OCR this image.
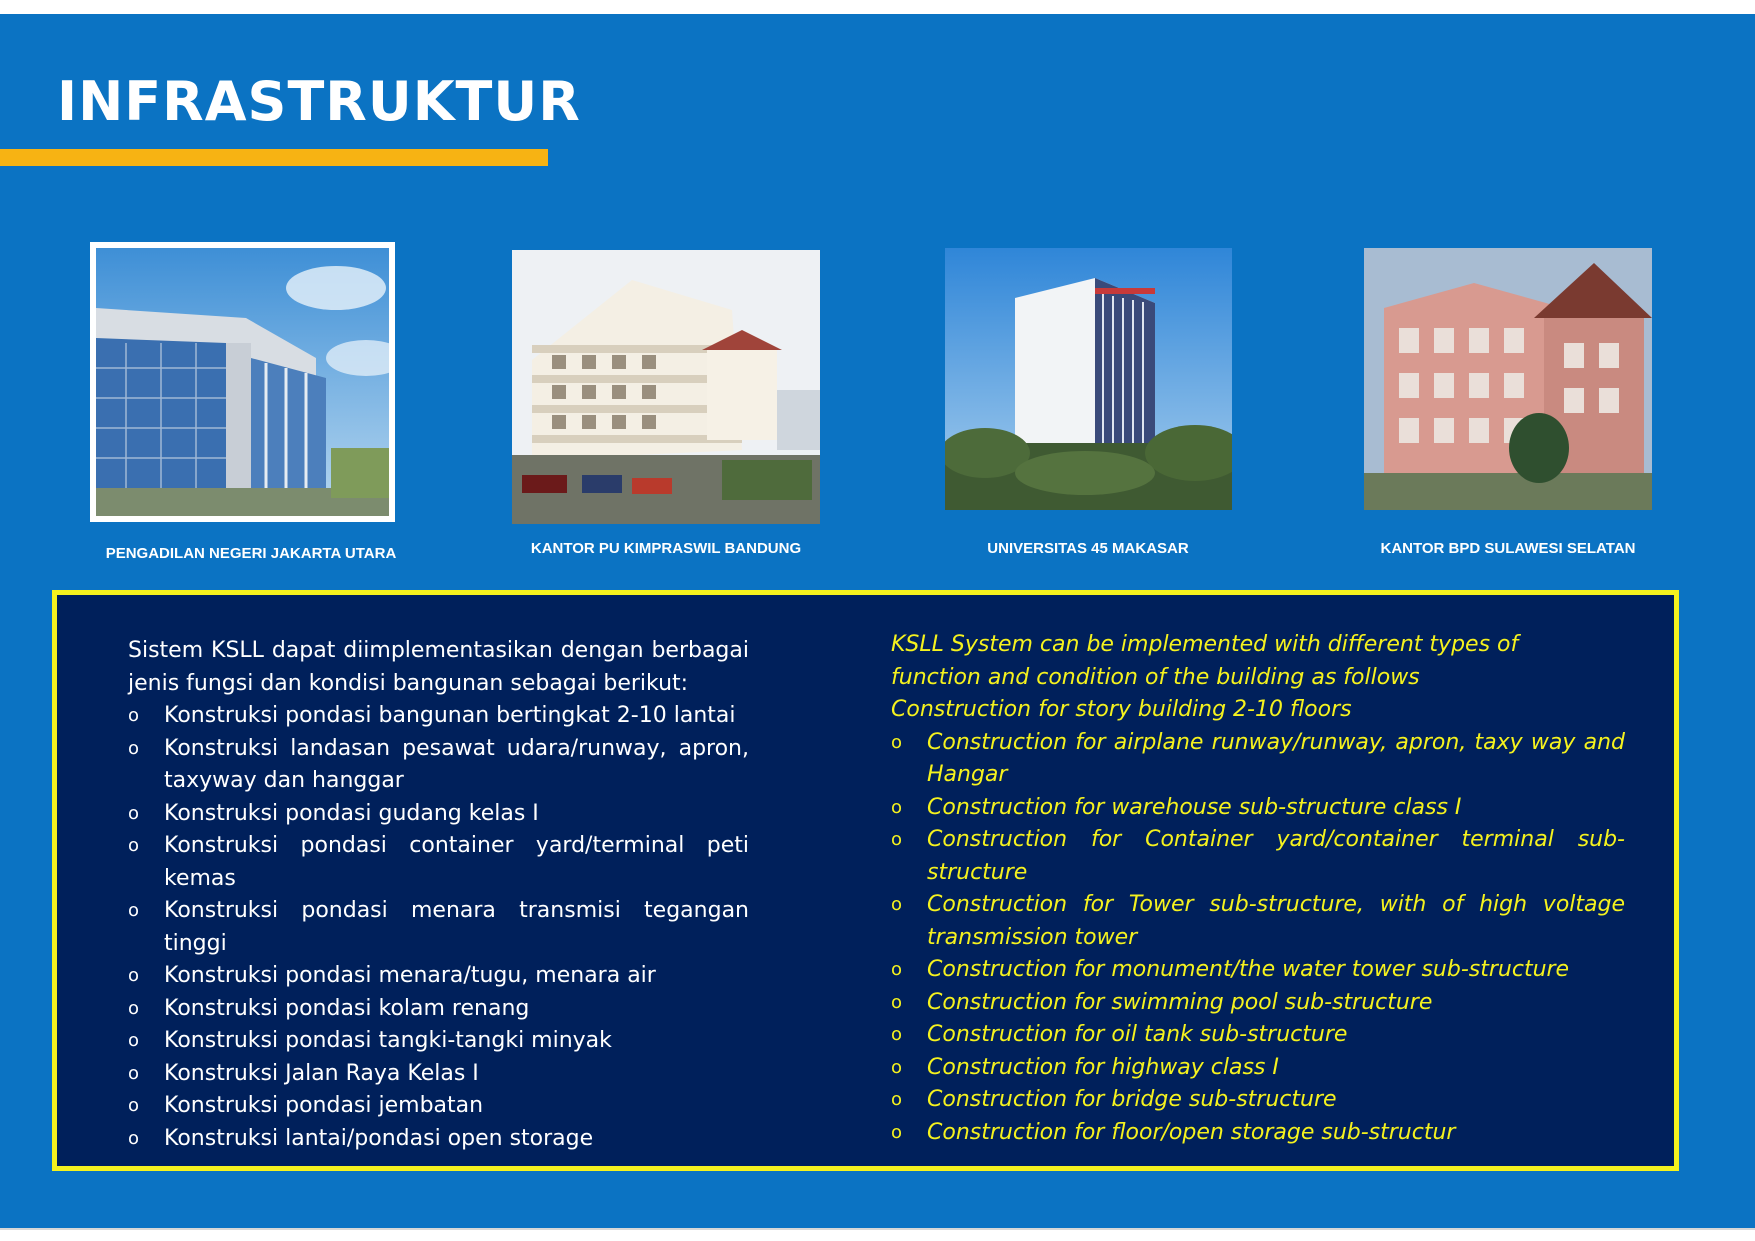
INFRASTRUKTUR
PENGADILAN NEGERI JAKARTA UTARA	KANTOR PU KIMPRASWIL BANDUNG	UNIVERSITAS 45 MAKASAR	KANTOR BPD SULAWESI SELATAN

Sistem KSLL dapat diimplementasikan dengan berbagai jenis fungsi dan kondisi bangunan sebagai berikut:

o Konstruksi pondasi bangunan bertingkat 2-10 lantai
o Konstruksi landasan pesawat udara/runway, apron, taxyway dan hanggar
o Konstruksi pondasi gudang kelas I
o Konstruksi pondasi container yard/terminal peti kemas
o Konstruksi pondasi menara transmisi tegangan tinggi
o Konstruksi pondasi menara/tugu, menara air
o Konstruksi pondasi kolam renang
o Konstruksi pondasi tangki-tangki minyak
o Konstruksi Jalan Raya Kelas I
o Konstruksi pondasi jembatan
o Konstruksi lantai/pondasi open storage
KSLL System can be implemented with different types of
function and condition of the building as follows
Construction for story building 2-10 floors
o Construction for airplane runway/runway, apron, taxy way and Hangar
o Construction for warehouse sub-structure class I
o Construction for Container yard/container terminal sub-structure
o Construction for Tower sub-structure, with of high voltage transmission tower
o Construction for monument/the water tower sub-structure
o Construction for swimming pool sub-structure
o Construction for oil tank sub-structure
o Construction for highway class I
o Construction for bridge sub-structure
o Construction for floor/open storage sub-structur
